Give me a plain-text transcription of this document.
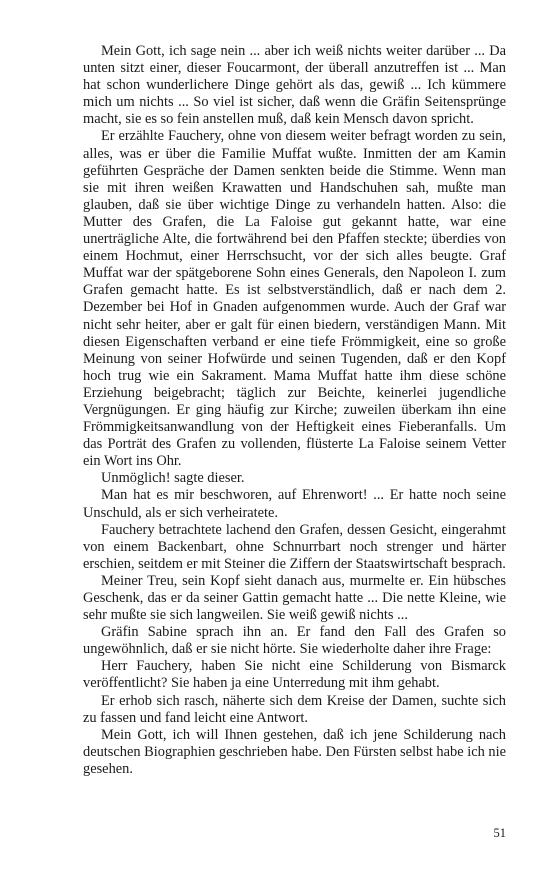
Mein Gott, ich sage nein ... aber ich weiß nichts weiter darüber ... Da unten sitzt einer, dieser Foucarmont, der überall anzutreffen ist ... Man hat schon wunderlichere Dinge gehört als das, gewiß ... Ich kümmere mich um nichts ... So viel ist sicher, daß wenn die Gräfin Seitensprünge macht, sie es so fein anstellen muß, daß kein Mensch davon spricht.

Er erzählte Fauchery, ohne von diesem weiter befragt worden zu sein, alles, was er über die Familie Muffat wußte. Inmitten der am Kamin geführten Gespräche der Damen senkten beide die Stimme. Wenn man sie mit ihren weißen Krawatten und Handschuhen sah, mußte man glauben, daß sie über wichtige Dinge zu verhandeln hatten. Also: die Mutter des Grafen, die La Faloise gut gekannt hatte, war eine unerträgliche Alte, die fortwährend bei den Pfaffen steckte; überdies von einem Hochmut, einer Herrschsucht, vor der sich alles beugte. Graf Muffat war der spätgeborene Sohn eines Generals, den Napoleon I. zum Grafen gemacht hatte. Es ist selbstverständlich, daß er nach dem 2. Dezember bei Hof in Gnaden aufgenommen wurde. Auch der Graf war nicht sehr heiter, aber er galt für einen biedern, verständigen Mann. Mit diesen Eigenschaften verband er eine tiefe Frömmigkeit, eine so große Meinung von seiner Hofwürde und seinen Tugenden, daß er den Kopf hoch trug wie ein Sakrament. Mama Muffat hatte ihm diese schöne Erziehung beigebracht; täglich zur Beichte, keinerlei jugendliche Vergnügungen. Er ging häufig zur Kirche; zuweilen überkam ihn eine Frömmigkeitsanwandlung von der Heftigkeit eines Fieberanfalls. Um das Porträt des Grafen zu vollenden, flüsterte La Faloise seinem Vetter ein Wort ins Ohr.

Unmöglich! sagte dieser.

Man hat es mir beschworen, auf Ehrenwort! ... Er hatte noch seine Unschuld, als er sich verheiratete.

Fauchery betrachtete lachend den Grafen, dessen Gesicht, eingerahmt von einem Backenbart, ohne Schnurrbart noch strenger und härter erschien, seitdem er mit Steiner die Ziffern der Staatswirtschaft besprach.

Meiner Treu, sein Kopf sieht danach aus, murmelte er. Ein hübsches Geschenk, das er da seiner Gattin gemacht hatte ... Die nette Kleine, wie sehr mußte sie sich langweilen. Sie weiß gewiß nichts ...

Gräfin Sabine sprach ihn an. Er fand den Fall des Grafen so ungewöhnlich, daß er sie nicht hörte. Sie wiederholte daher ihre Frage:

Herr Fauchery, haben Sie nicht eine Schilderung von Bismarck veröffentlicht? Sie haben ja eine Unterredung mit ihm gehabt.

Er erhob sich rasch, näherte sich dem Kreise der Damen, suchte sich zu fassen und fand leicht eine Antwort.

Mein Gott, ich will Ihnen gestehen, daß ich jene Schilderung nach deutschen Biographien geschrieben habe. Den Fürsten selbst habe ich nie gesehen.

51
